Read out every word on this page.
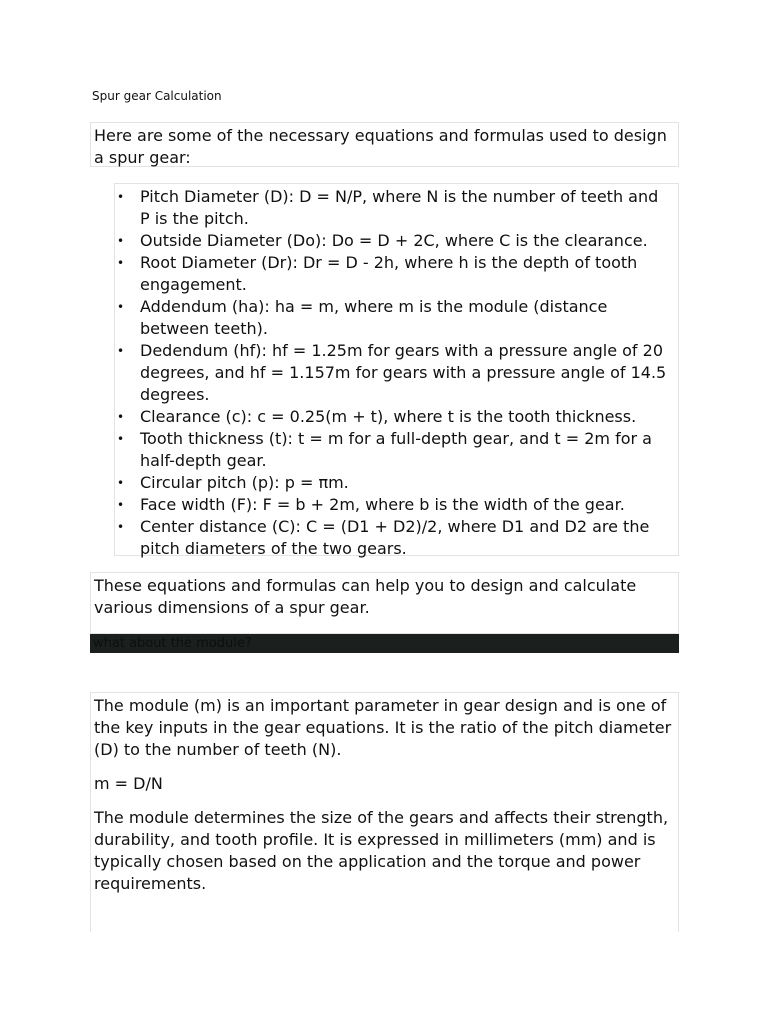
Spur gear Calculation
Here are some of the necessary equations and formulas used to design a spur gear:
• Pitch Diameter (D): D = N/P, where N is the number of teeth and P is the pitch.
• Outside Diameter (Do): Do = D + 2C, where C is the clearance.
• Root Diameter (Dr): Dr = D - 2h, where h is the depth of tooth engagement.
• Addendum (ha): ha = m, where m is the module (distance between teeth).
• Dedendum (hf): hf = 1.25m for gears with a pressure angle of 20 degrees, and hf = 1.157m for gears with a pressure angle of 14.5 degrees.
• Clearance (c): c = 0.25(m + t), where t is the tooth thickness.
• Tooth thickness (t): t = m for a full-depth gear, and t = 2m for a half-depth gear.
• Circular pitch (p): p = πm.
• Face width (F): F = b + 2m, where b is the width of the gear.
• Center distance (C): C = (D1 + D2)/2, where D1 and D2 are the pitch diameters of the two gears.
These equations and formulas can help you to design and calculate various dimensions of a spur gear.
what about the module?

The module (m) is an important parameter in gear design and is one of the key inputs in the gear equations. It is the ratio of the pitch diameter (D) to the number of teeth (N).

m = D/N

The module determines the size of the gears and affects their strength, durability, and tooth profile. It is expressed in millimeters (mm) and is typically chosen based on the application and the torque and power requirements.
